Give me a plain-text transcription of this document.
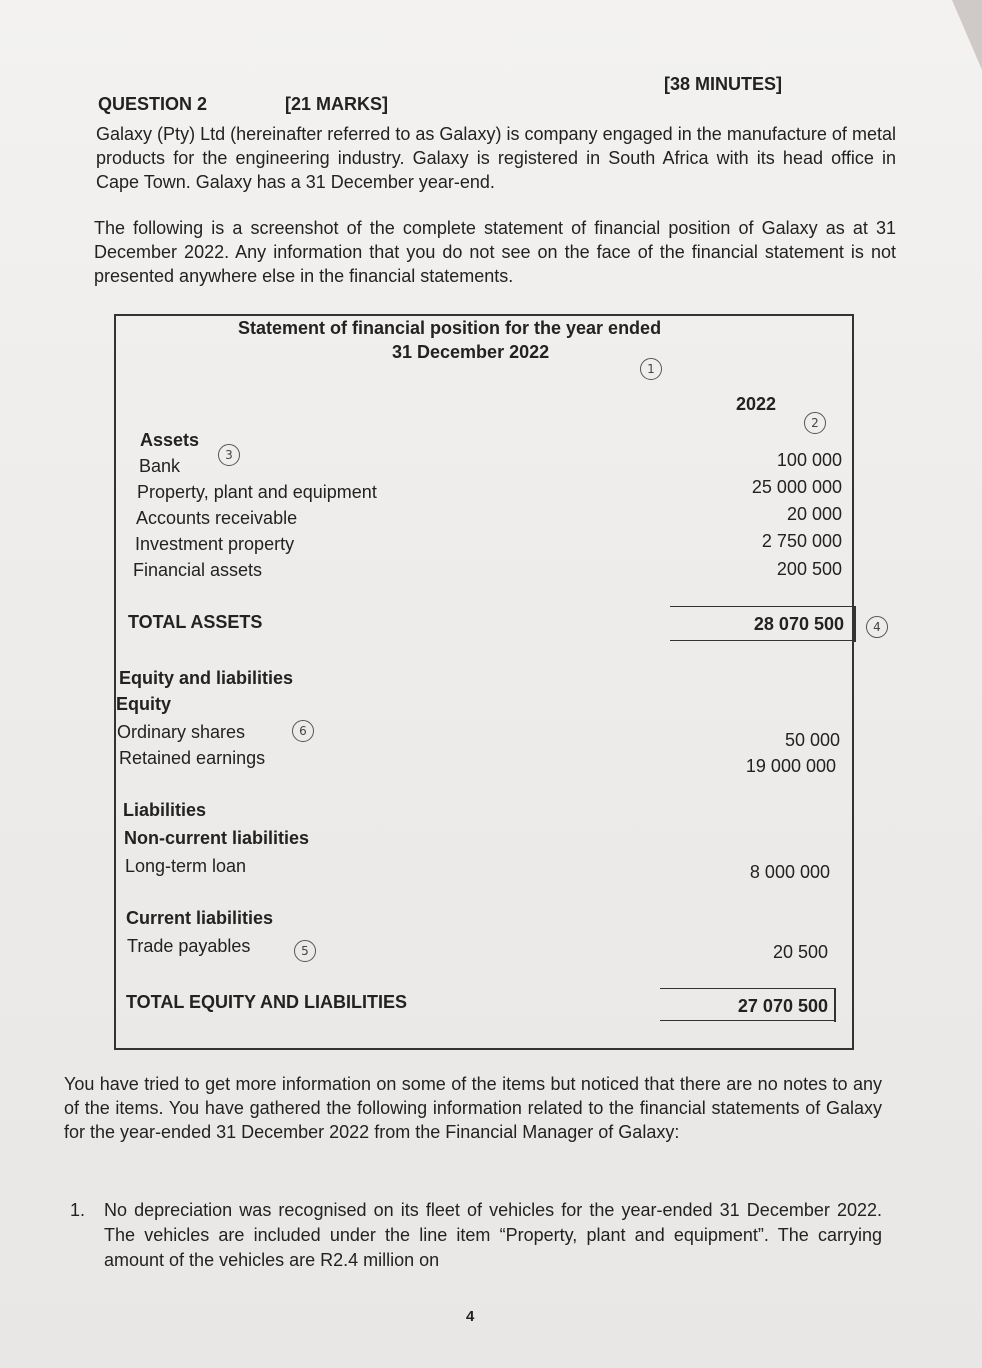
QUESTION 2	[21 MARKS]
[38 MINUTES]
Galaxy (Pty) Ltd (hereinafter referred to as Galaxy) is company engaged in the manufacture of metal products for the engineering industry. Galaxy is registered in South Africa with its head office in Cape Town. Galaxy has a 31 December year-end.
The following is a screenshot of the complete statement of financial position of Galaxy as at 31 December 2022. Any information that you do not see on the face of the financial statement is not presented anywhere else in the financial statements.
Statement of financial position for the year ended
31 December 2022
2022
Assets
Bank	100 000
Property, plant and equipment	25 000 000
Accounts receivable	20 000
Investment property	2 750 000
Financial assets	200 500
TOTAL ASSETS	28 070 500
Equity and liabilities
Equity
Ordinary shares	50 000
Retained earnings	19 000 000
Liabilities
Non-current liabilities
Long-term loan	8 000 000
Current liabilities
Trade payables	20 500
TOTAL EQUITY AND LIABILITIES	27 070 500
1
2
3
4
5
6
You have tried to get more information on some of the items but noticed that there are no notes to any of the items. You have gathered the following information related to the financial statements of Galaxy for the year-ended 31 December 2022 from the Financial Manager of Galaxy:
1. No depreciation was recognised on its fleet of vehicles for the year-ended 31 December 2022. The vehicles are included under the line item “Property, plant and equipment”. The carrying amount of the vehicles are R2.4 million on
4
